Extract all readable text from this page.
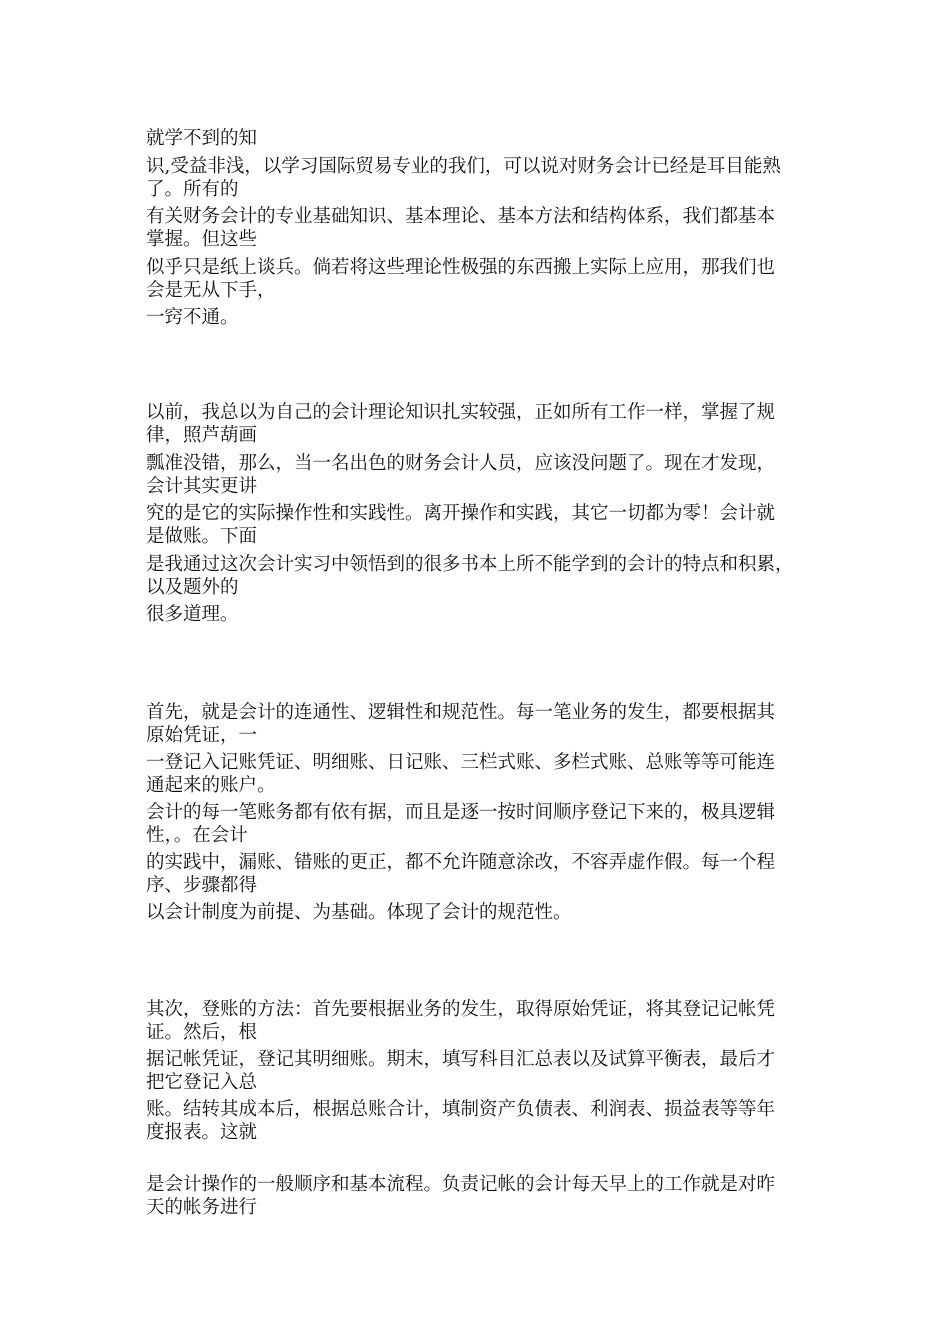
就学不到的知
识,受益非浅，以学习国际贸易专业的我们，可以说对财务会计已经是耳目能熟
了。所有的
有关财务会计的专业基础知识、基本理论、基本方法和结构体系，我们都基本
掌握。但这些
似乎只是纸上谈兵。倘若将这些理论性极强的东西搬上实际上应用，那我们也
会是无从下手，
一窍不通。
以前，我总以为自己的会计理论知识扎实较强，正如所有工作一样，掌握了规
律，照芦葫画
瓢准没错，那么，当一名出色的财务会计人员，应该没问题了。现在才发现，
会计其实更讲
究的是它的实际操作性和实践性。离开操作和实践，其它一切都为零！会计就
是做账。下面
是我通过这次会计实习中领悟到的很多书本上所不能学到的会计的特点和积累，
以及题外的
很多道理。
首先，就是会计的连通性、逻辑性和规范性。每一笔业务的发生，都要根据其
原始凭证，一
一登记入记账凭证、明细账、日记账、三栏式账、多栏式账、总账等等可能连
通起来的账户。
会计的每一笔账务都有依有据，而且是逐一按时间顺序登记下来的，极具逻辑
性，。在会计
的实践中，漏账、错账的更正，都不允许随意涂改，不容弄虚作假。每一个程
序、步骤都得
以会计制度为前提、为基础。体现了会计的规范性。
其次，登账的方法：首先要根据业务的发生，取得原始凭证，将其登记记帐凭
证。然后，根
据记帐凭证，登记其明细账。期末，填写科目汇总表以及试算平衡表，最后才
把它登记入总
账。结转其成本后，根据总账合计，填制资产负债表、利润表、损益表等等年
度报表。这就
是会计操作的一般顺序和基本流程。负责记帐的会计每天早上的工作就是对昨
天的帐务进行
